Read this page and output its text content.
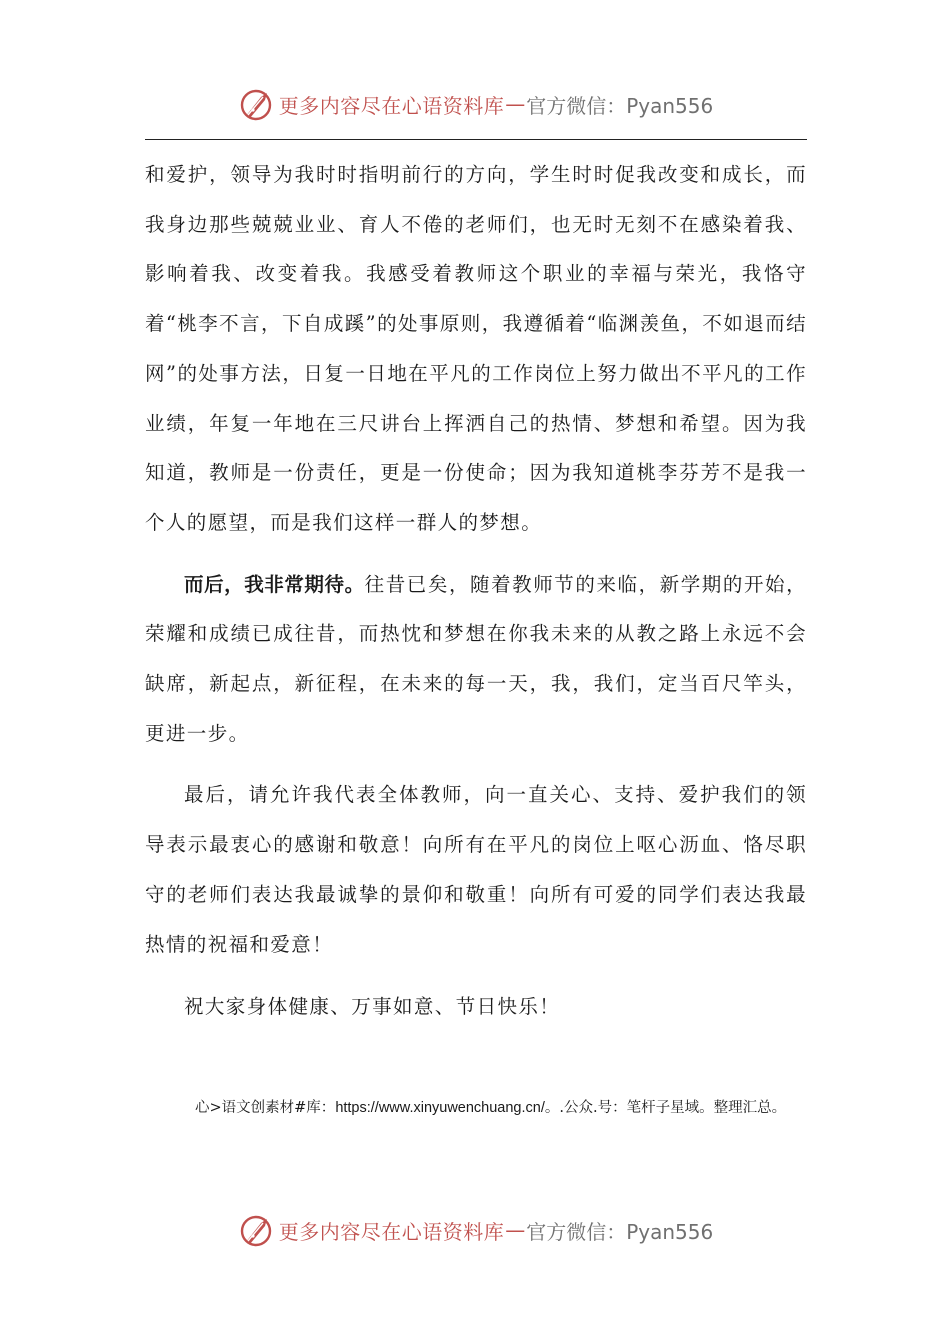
更多内容尽在心语资料库 — 官方微信：Pyan556

和爱护，领导为我时时指明前行的方向，学生时时促我改变和成长，而我身边那些兢兢业业、育人不倦的老师们，也无时无刻不在感染着我、影响着我、改变着我。我感受着教师这个职业的幸福与荣光，我恪守着“桃李不言，下自成蹊”的处事原则，我遵循着“临渊羡鱼，不如退而结网”的处事方法，日复一日地在平凡的工作岗位上努力做出不平凡的工作业绩，年复一年地在三尺讲台上挥洒自己的热情、梦想和希望。因为我知道，教师是一份责任，更是一份使命；因为我知道桃李芬芳不是我一个人的愿望，而是我们这样一群人的梦想。

而后，我非常期待。往昔已矣，随着教师节的来临，新学期的开始，荣耀和成绩已成往昔，而热忱和梦想在你我未来的从教之路上永远不会缺席，新起点，新征程，在未来的每一天，我，我们，定当百尺竿头，更进一步。

最后，请允许我代表全体教师，向一直关心、支持、爱护我们的领导表示最衷心的感谢和敬意！向所有在平凡的岗位上呕心沥血、恪尽职守的老师们表达我最诚挚的景仰和敬重！向所有可爱的同学们表达我最热情的祝福和爱意！

祝大家身体健康、万事如意、节日快乐！

心>语文创素材#库：https://www.xinyuwenchuang.cn/。.公众.号：笔杆子星域。整理汇总。

更多内容尽在心语资料库 — 官方微信：Pyan556
